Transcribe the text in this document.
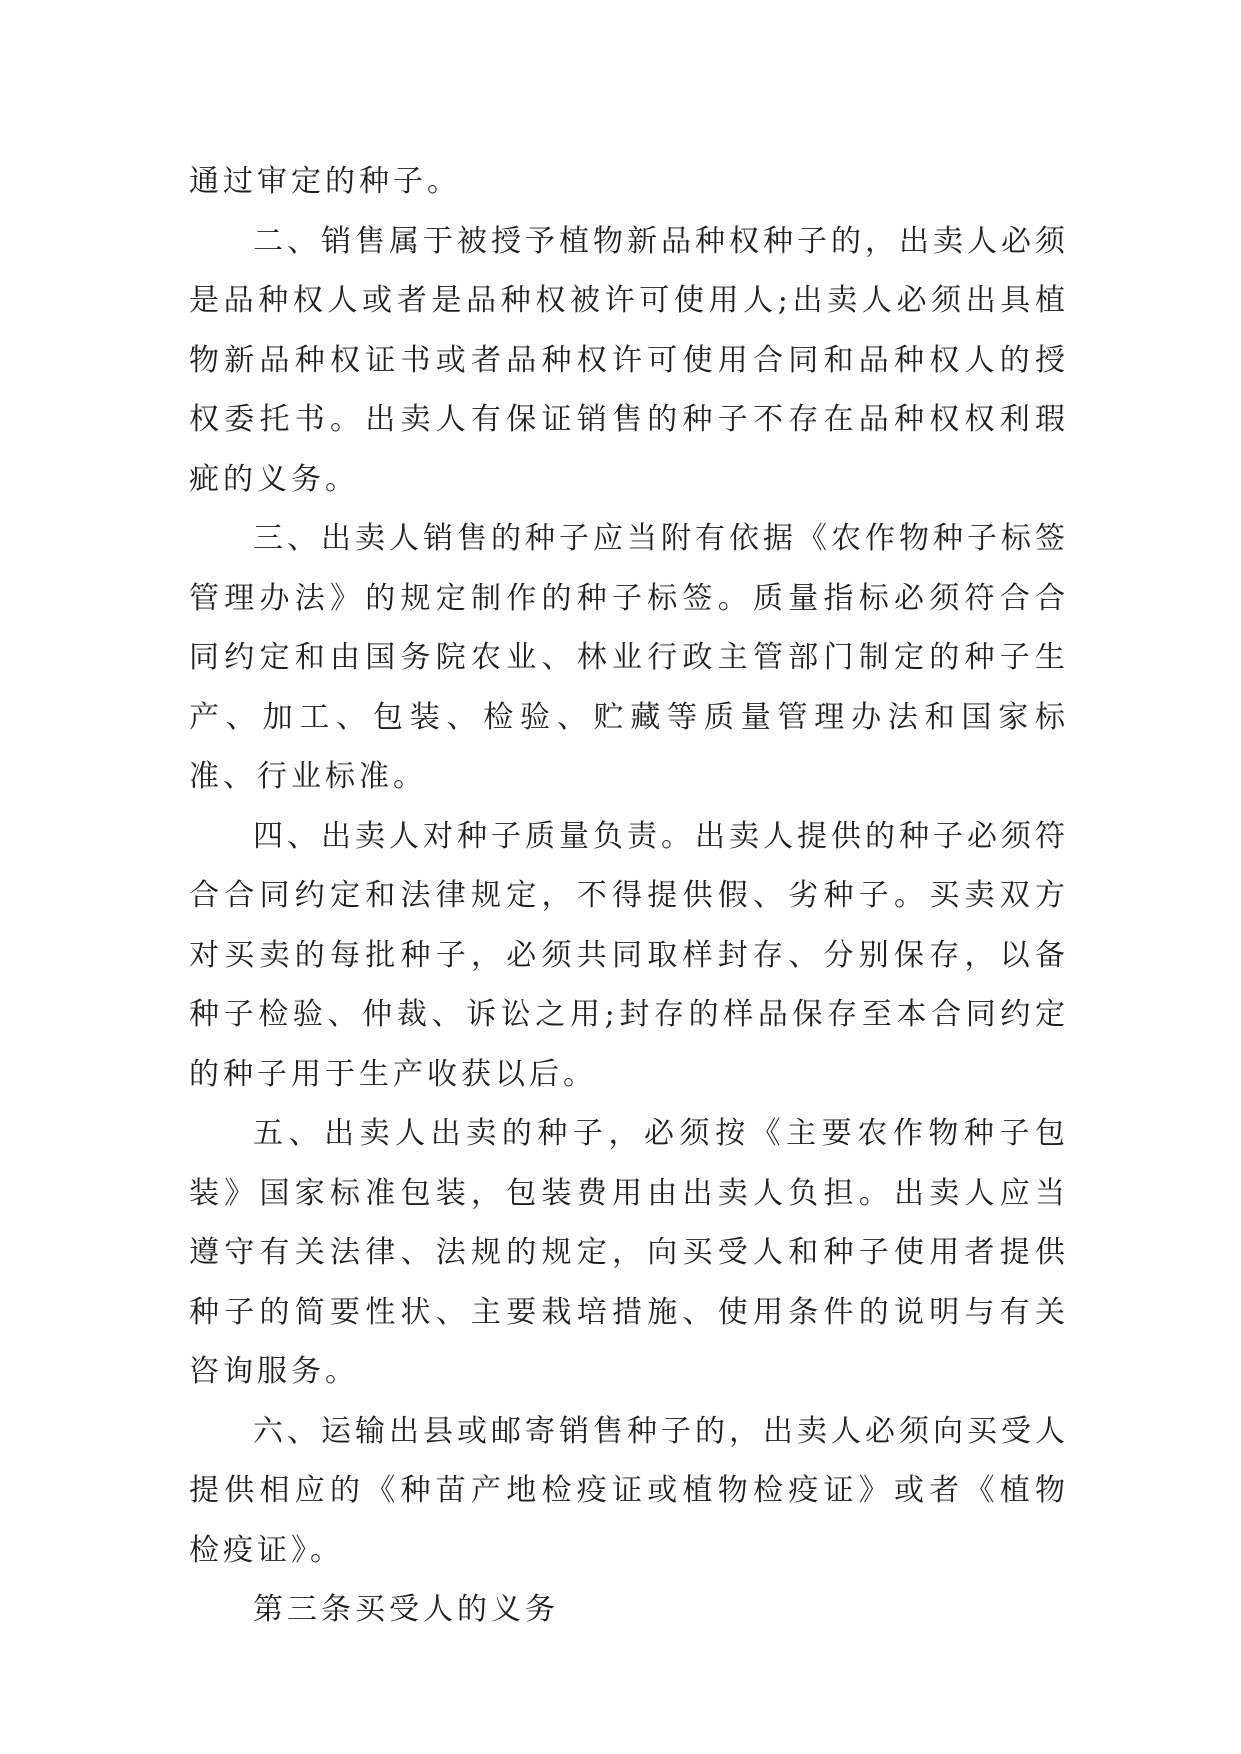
通过审定的种子。

二、销售属于被授予植物新品种权种子的，出卖人必须是品种权人或者是品种权被许可使用人;出卖人必须出具植物新品种权证书或者品种权许可使用合同和品种权人的授权委托书。出卖人有保证销售的种子不存在品种权权利瑕疵的义务。

三、出卖人销售的种子应当附有依据《农作物种子标签管理办法》的规定制作的种子标签。质量指标必须符合合同约定和由国务院农业、林业行政主管部门制定的种子生产、加工、包装、检验、贮藏等质量管理办法和国家标准、行业标准。

四、出卖人对种子质量负责。出卖人提供的种子必须符合合同约定和法律规定，不得提供假、劣种子。买卖双方对买卖的每批种子，必须共同取样封存、分别保存，以备种子检验、仲裁、诉讼之用;封存的样品保存至本合同约定的种子用于生产收获以后。

五、出卖人出卖的种子，必须按《主要农作物种子包装》国家标准包装，包装费用由出卖人负担。出卖人应当遵守有关法律、法规的规定，向买受人和种子使用者提供种子的简要性状、主要栽培措施、使用条件的说明与有关咨询服务。

六、运输出县或邮寄销售种子的，出卖人必须向买受人提供相应的《种苗产地检疫证或植物检疫证》或者《植物检疫证》。

第三条买受人的义务
